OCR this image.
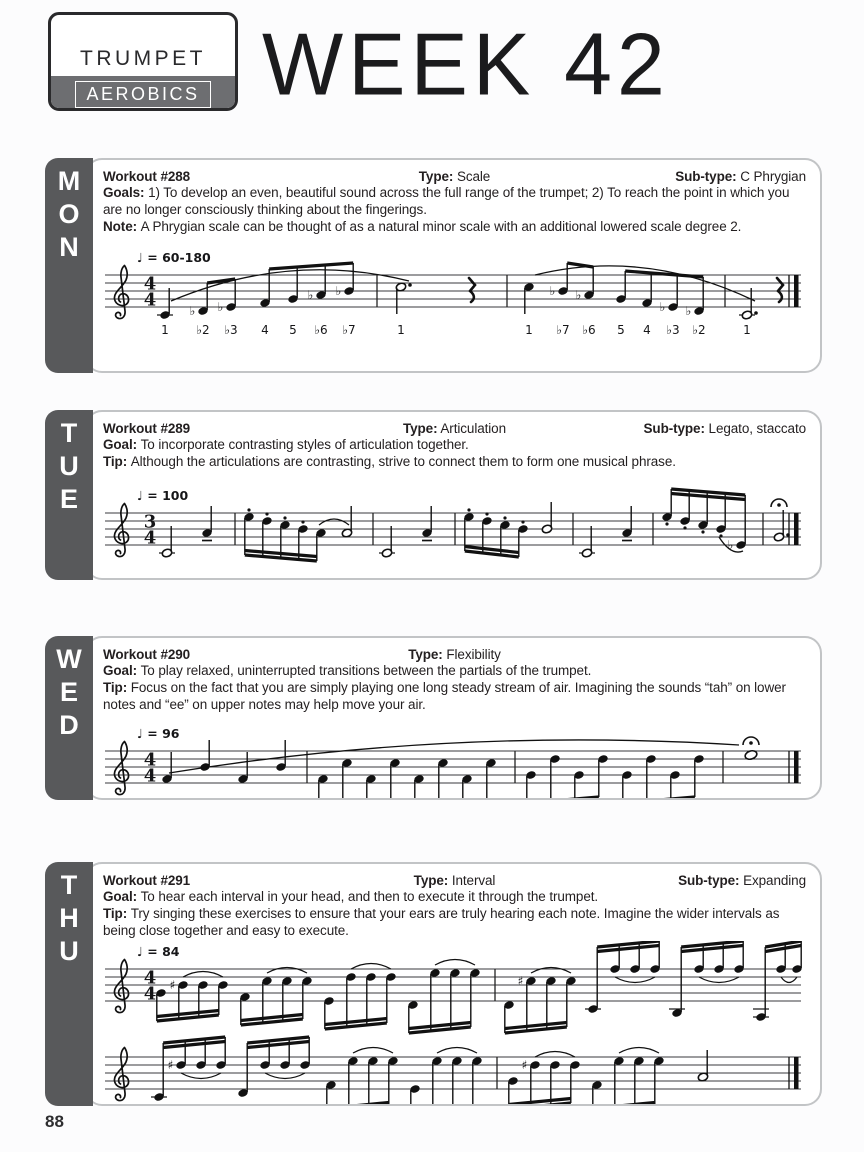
TRUMPET
AEROBICS WEEK 42
M
O
N
Workout #288	Type: Scale	Sub-type: C Phrygian
Goals: 1) To develop an even, beautiful sound across the full range of the trumpet; 2) To reach the point in which you are no longer consciously thinking about the fingerings.
Note: A Phrygian scale can be thought of as a natural minor scale with an additional lowered scale degree 2.
♩ = 60-180
4
4
1
♭
♭2
♭
♭3 4 5
♭
♭6
♭
♭7	1	1
♭
♭7
♭
♭6 5 4
♭
♭3
♭
♭2	1
T
U
E
Workout #289	Type: Articulation	Sub-type: Legato, staccato
Goal: To incorporate contrasting styles of articulation together.
Tip: Although the articulations are contrasting, strive to connect them to form one musical phrase.
♩ = 100
3
4	♭
W
E
D
Workout #290	Type: Flexibility
Goal: To play relaxed, uninterrupted transitions between the partials of the trumpet.
Tip: Focus on the fact that you are simply playing one long steady stream of air. Imagining the sounds “tah” on lower notes and “ee” on upper notes may help move your air.
♩ = 96
4
4
T
H
U
Workout #291	Type: Interval	Sub-type: Expanding
Goal: To hear each interval in your head, and then to execute it through the trumpet.
Tip: Try singing these exercises to ensure that your ears are truly hearing each note. Imagine the wider intervals as being close together and easy to execute.
♩ = 84
4
4 ♯	♯
♯	♯
88
